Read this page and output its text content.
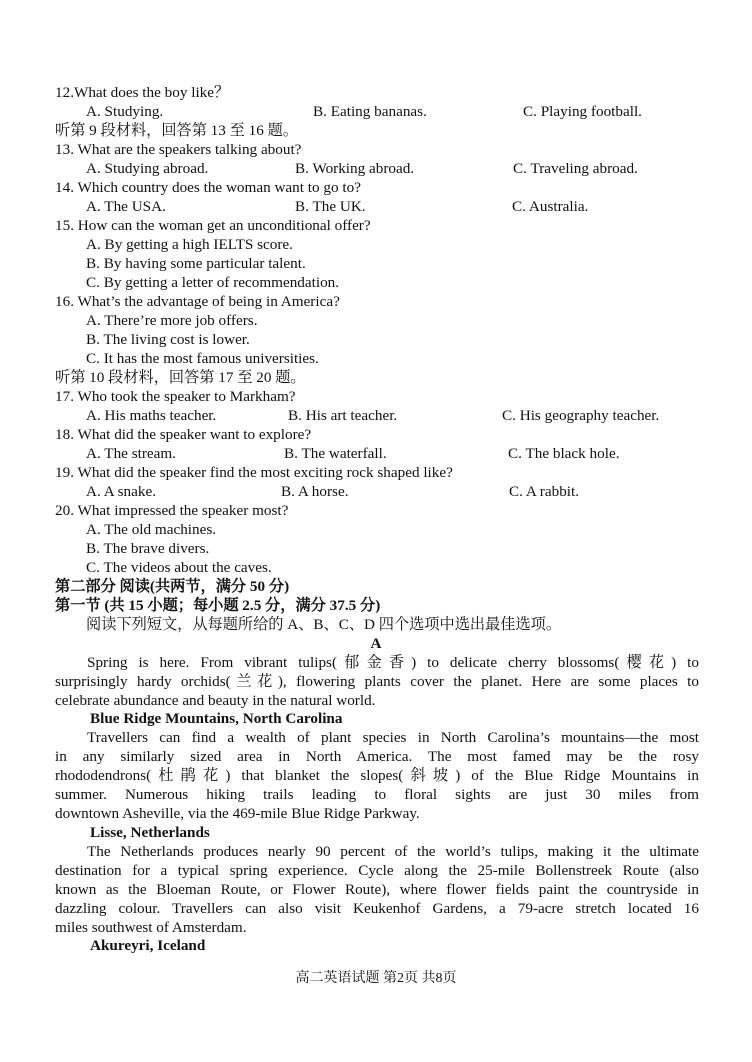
12.What does the boy like？
A. Studying.	B. Eating bananas.	C. Playing football.
听第 9 段材料，回答第 13 至 16 题。
13. What are the speakers talking about?
A. Studying abroad.	B. Working abroad.	C. Traveling abroad.
14. Which country does the woman want to go to?
A. The USA.	B. The UK.	C. Australia.
15. How can the woman get an unconditional offer?
A. By getting a high IELTS score.
B. By having some particular talent.
C. By getting a letter of recommendation.
16. What’s the advantage of being in America?
A. There’re more job offers.
B. The living cost is lower.
C. It has the most famous universities.
听第 10 段材料，回答第 17 至 20 题。
17. Who took the speaker to Markham?
A. His maths teacher.	B. His art teacher.	C. His geography teacher.
18. What did the speaker want to explore?
A. The stream.	B. The waterfall.	C. The black hole.
19. What did the speaker find the most exciting rock shaped like?
A. A snake.	B. A horse.	C. A rabbit.
20. What impressed the speaker most?
A. The old machines.
B. The brave divers.
C. The videos about the caves.
第二部分 阅读(共两节，满分 50 分)
第一节 (共 15 小题；每小题 2.5 分，满分 37.5 分)
阅读下列短文，从每题所给的 A、B、C、D 四个选项中选出最佳选项。
A
Spring is here. From vibrant tulips(郁金香) to delicate cherry blossoms(樱花) to
surprisingly hardy orchids(兰花), flowering plants cover the planet. Here are some places to
celebrate abundance and beauty in the natural world.
Blue Ridge Mountains, North Carolina
Travellers can find a wealth of plant species in North Carolina’s mountains—the most
in any similarly sized area in North America. The most famed may be the rosy
rhododendrons(杜鹃花) that blanket the slopes(斜坡) of the Blue Ridge Mountains in
summer. Numerous hiking trails leading to floral sights are just 30 miles from
downtown Asheville, via the 469-mile Blue Ridge Parkway.
Lisse, Netherlands
The Netherlands produces nearly 90 percent of the world’s tulips, making it the ultimate
destination for a typical spring experience. Cycle along the 25-mile Bollenstreek Route (also
known as the Bloeman Route, or Flower Route), where flower fields paint the countryside in
dazzling colour. Travellers can also visit Keukenhof Gardens, a 79-acre stretch located 16
miles southwest of Amsterdam.
Akureyri, Iceland
高二英语试题 第2页 共8页
